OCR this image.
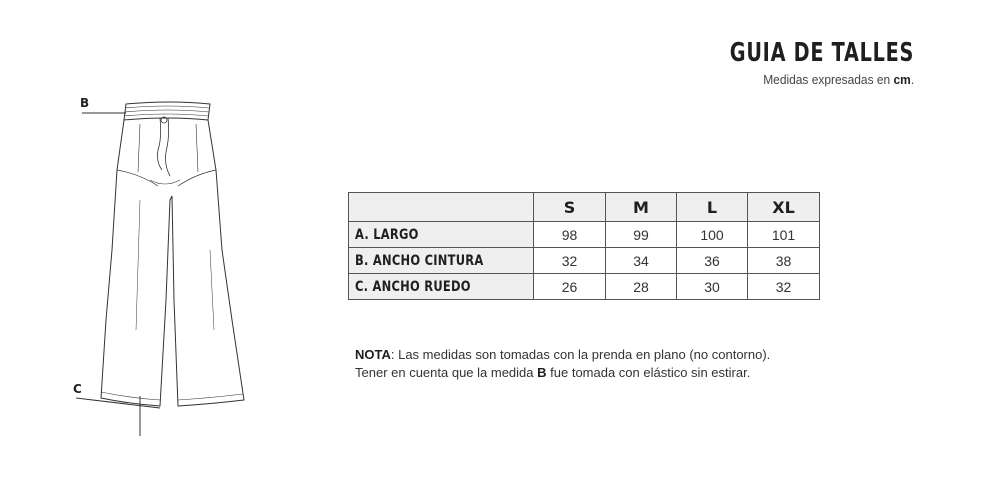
GUIA DE TALLES
Medidas expresadas en cm.
B
C
	S	M	L	XL
A. LARGO	98	99	100	101
B. ANCHO CINTURA	32	34	36	38
C. ANCHO RUEDO	26	28	30	32
NOTA: Las medidas son tomadas con la prenda en plano (no contorno).
Tener en cuenta que la medida B fue tomada con elástico sin estirar.
